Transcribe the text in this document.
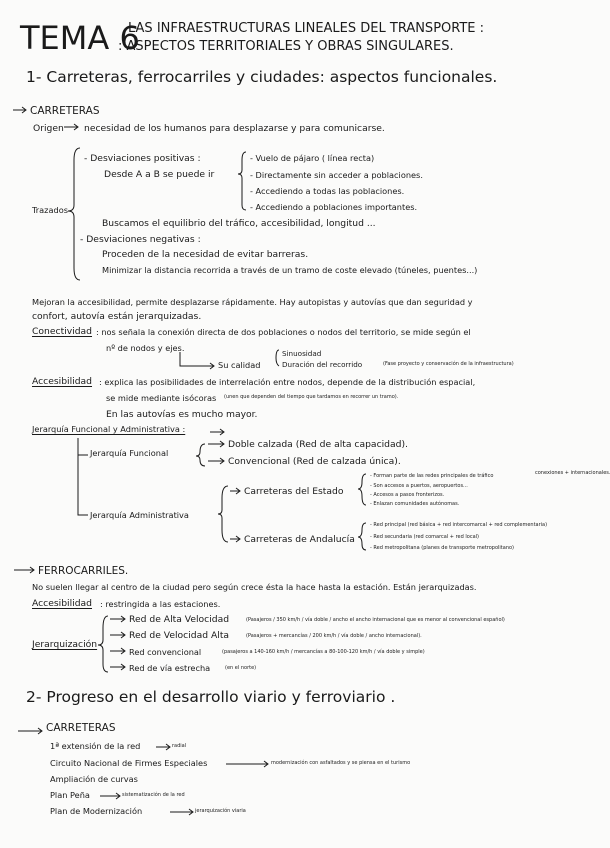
TEMA 6
LAS INFRAESTRUCTURAS LINEALES DEL TRANSPORTE :
: ASPECTOS TERRITORIALES Y OBRAS SINGULARES.
1- Carreteras, ferrocarriles y ciudades: aspectos funcionales.
CARRETERAS
Origen necesidad de los humanos para desplazarse y para comunicarse.
Trazados
- Desviaciones positivas :
Desde A a B se puede ir
- Vuelo de pájaro ( línea recta)
- Directamente sin acceder a poblaciones.
- Accediendo a todas las poblaciones.
- Accediendo a poblaciones importantes.
Buscamos el equilibrio del tráfico, accesibilidad, longitud ...
- Desviaciones negativas :
Proceden de la necesidad de evitar barreras.
Minimizar la distancia recorrida a través de un tramo de coste elevado (túneles, puentes...)
Mejoran la accesibilidad, permite desplazarse rápidamente. Hay autopistas y autovías que dan seguridad y
confort, autovía están jerarquizadas.
Conectividad : nos señala la conexión directa de dos poblaciones o nodos del territorio, se mide según el
nº de nodos y ejes.
Su calidad
Sinuosidad
Duración del recorrido	(Fase proyecto y conservación de la infraestructura)
Accesibilidad : explica las posibilidades de interrelación entre nodos, depende de la distribución espacial,
se mide mediante isócoras (unen que dependen del tiempo que tardamos en recorrer un tramo).
En las autovías es mucho mayor.
Jerarquía Funcional y Administrativa :
Jerarquía Funcional
Doble calzada (Red de alta capacidad).
Convencional (Red de calzada única).
Jerarquía Administrativa
Carreteras del Estado
- Forman parte de las redes principales de tráfico	conexiones + internacionales.
- Son accesos a puertos, aeropuertos...
- Accesos a pasos fronterizos.
- Enlazan comunidades autónomas.
Carreteras de Andalucía
- Red principal (red básica + red intercomarcal + red complementaria)
- Red secundaria (red comarcal + red local)
- Red metropolitana (planes de transporte metropolitano)
FERROCARRILES.
No suelen llegar al centro de la ciudad pero según crece ésta la hace hasta la estación. Están jerarquizadas.
Accesibilidad : restringida a las estaciones.
Jerarquización
Red de Alta Velocidad	(Pasajeros / 350 km/h / vía doble / ancho el ancho internacional que es menor al convencional español)
Red de Velocidad Alta	(Pasajeros + mercancías / 200 km/h / vía doble / ancho internacional).
Red convencional	(pasajeros a 140-160 km/h / mercancías a 80-100-120 km/h / vía doble y simple)
Red de vía estrecha	(en el norte)
2- Progreso en el desarrollo viario y ferroviario .
CARRETERAS
1ª extensión de la red	radial
Circuito Nacional de Firmes Especiales	modernización con asfaltados y se piensa en el turismo
Ampliación de curvas
Plan Peña	sistematización de la red
Plan de Modernización	jerarquización viaria
